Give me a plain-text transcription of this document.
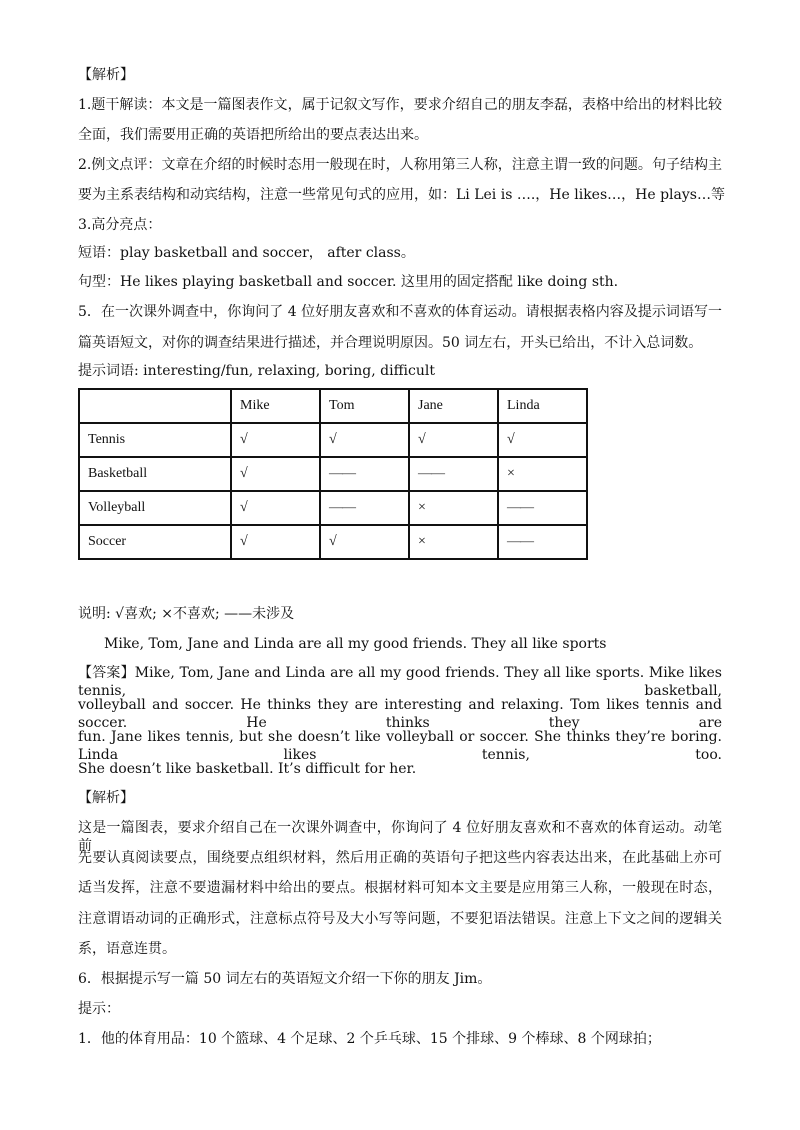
【解析】
1.题干解读：本文是一篇图表作文，属于记叙文写作，要求介绍自己的朋友李磊，表格中给出的材料比较
全面，我们需要用正确的英语把所给出的要点表达出来。
2.例文点评：文章在介绍的时候时态用一般现在时，人称用第三人称，注意主谓一致的问题。句子结构主
要为主系表结构和动宾结构，注意一些常见句式的应用，如：Li Lei is ….，He likes…，He plays…等
3.高分亮点：
短语：play basketball and soccer， after class。
句型：He likes playing basketball and soccer. 这里用的固定搭配 like doing sth.
5．在一次课外调查中，你询问了 4 位好朋友喜欢和不喜欢的体育运动。请根据表格内容及提示词语写一
篇英语短文，对你的调查结果进行描述，并合理说明原因。50 词左右，开头已给出，不计入总词数。
提示词语: interesting/fun, relaxing, boring, difficult
	Mike	Tom	Jane	Linda
Tennis	√	√	√	√
Basketball	√	——	——	×
Volleyball	√	——	×	——
Soccer	√	√	×	——
说明: √喜欢; ×不喜欢; ——未涉及
Mike, Tom, Jane and Linda are all my good friends. They all like sports
【答案】Mike, Tom, Jane and Linda are all my good friends. They all like sports. Mike likes tennis, basketball,
volleyball and soccer. He thinks they are interesting and relaxing. Tom likes tennis and soccer. He thinks they are
fun. Jane likes tennis, but she doesn’t like volleyball or soccer. She thinks they’re boring. Linda likes tennis, too.
She doesn’t like basketball. It’s difficult for her.
【解析】
这是一篇图表，要求介绍自己在一次课外调查中，你询问了 4 位好朋友喜欢和不喜欢的体育运动。动笔前
先要认真阅读要点，围绕要点组织材料，然后用正确的英语句子把这些内容表达出来，在此基础上亦可
适当发挥，注意不要遗漏材料中给出的要点。根据材料可知本文主要是应用第三人称，一般现在时态，
注意谓语动词的正确形式，注意标点符号及大小写等问题，不要犯语法错误。注意上下文之间的逻辑关
系，语意连贯。
6．根据提示写一篇 50 词左右的英语短文介绍一下你的朋友 Jim。
提示：
1．他的体育用品：10 个篮球、4 个足球、2 个乒乓球、15 个排球、9 个棒球、8 个网球拍；
